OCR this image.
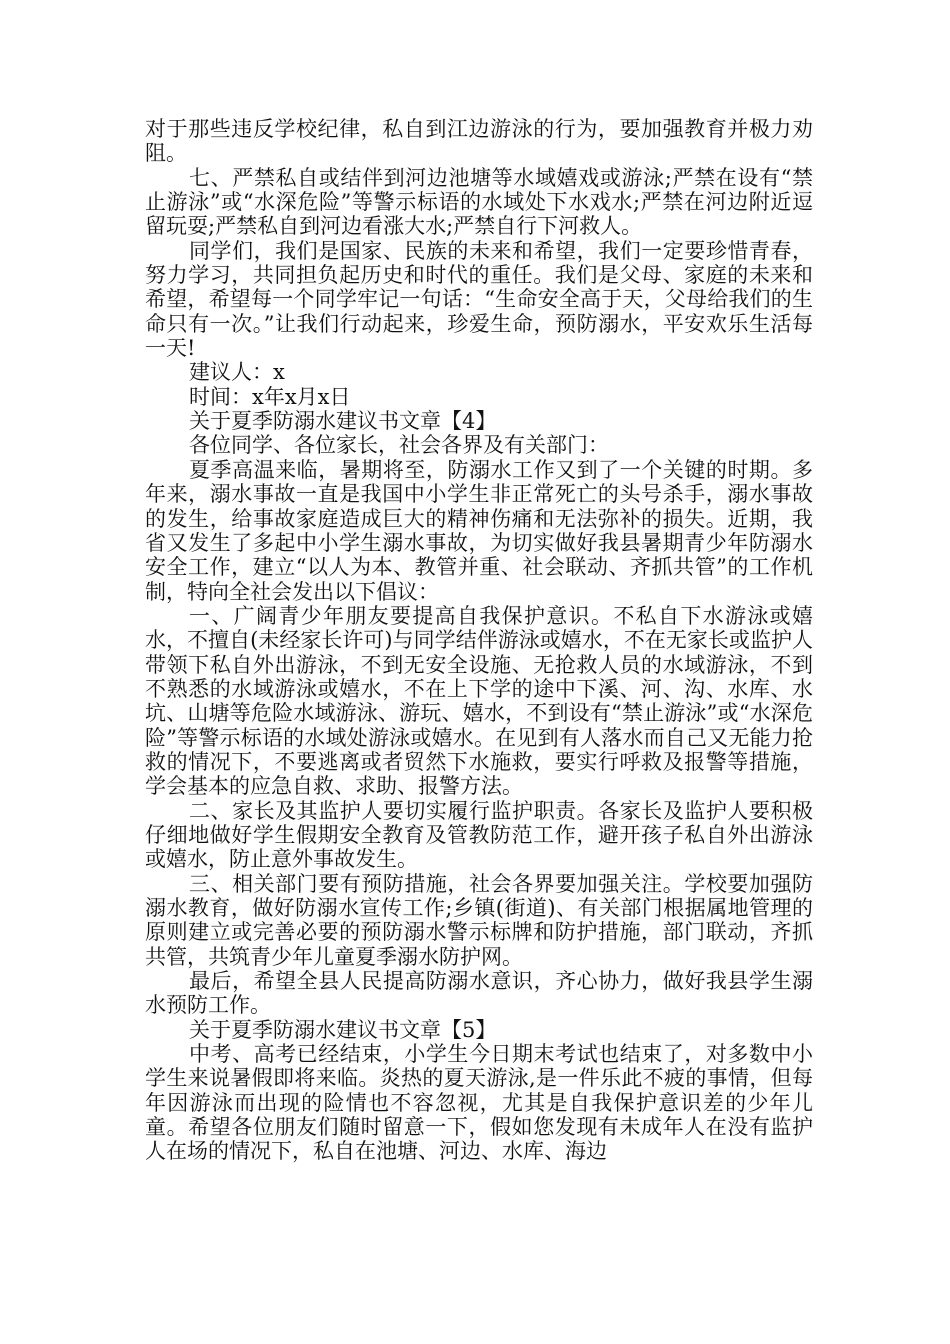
对于那些违反学校纪律，私自到江边游泳的行为，要加强教育并极力劝阻。

七、严禁私自或结伴到河边池塘等水域嬉戏或游泳;严禁在设有“禁止游泳”或“水深危险”等警示标语的水域处下水戏水;严禁在河边附近逗留玩耍;严禁私自到河边看涨大水;严禁自行下河救人。

同学们，我们是国家、民族的未来和希望，我们一定要珍惜青春，努力学习，共同担负起历史和时代的重任。我们是父母、家庭的未来和希望，希望每一个同学牢记一句话：“生命安全高于天，父母给我们的生命只有一次。”让我们行动起来，珍爱生命，预防溺水，平安欢乐生活每一天!

建议人：x

时间：x年x月x日

关于夏季防溺水建议书文章【4】

各位同学、各位家长，社会各界及有关部门：

夏季高温来临，暑期将至，防溺水工作又到了一个关键的时期。多年来，溺水事故一直是我国中小学生非正常死亡的头号杀手，溺水事故的发生，给事故家庭造成巨大的精神伤痛和无法弥补的损失。近期，我省又发生了多起中小学生溺水事故，为切实做好我县暑期青少年防溺水安全工作，建立“以人为本、教管并重、社会联动、齐抓共管”的工作机制，特向全社会发出以下倡议：

一、广阔青少年朋友要提高自我保护意识。不私自下水游泳或嬉水，不擅自(未经家长许可)与同学结伴游泳或嬉水，不在无家长或监护人带领下私自外出游泳，不到无安全设施、无抢救人员的水域游泳，不到不熟悉的水域游泳或嬉水，不在上下学的途中下溪、河、沟、水库、水坑、山塘等危险水域游泳、游玩、嬉水，不到设有“禁止游泳”或“水深危险”等警示标语的水域处游泳或嬉水。在见到有人落水而自己又无能力抢救的情况下，不要逃离或者贸然下水施救，要实行呼救及报警等措施，学会基本的应急自救、求助、报警方法。

二、家长及其监护人要切实履行监护职责。各家长及监护人要积极仔细地做好学生假期安全教育及管教防范工作，避开孩子私自外出游泳或嬉水，防止意外事故发生。

三、相关部门要有预防措施，社会各界要加强关注。学校要加强防溺水教育，做好防溺水宣传工作;乡镇(街道)、有关部门根据属地管理的原则建立或完善必要的预防溺水警示标牌和防护措施，部门联动，齐抓共管，共筑青少年儿童夏季溺水防护网。

最后，希望全县人民提高防溺水意识，齐心协力，做好我县学生溺水预防工作。

关于夏季防溺水建议书文章【5】

中考、高考已经结束，小学生今日期末考试也结束了，对多数中小学生来说暑假即将来临。炎热的夏天游泳,是一件乐此不疲的事情，但每年因游泳而出现的险情也不容忽视，尤其是自我保护意识差的少年儿童。希望各位朋友们随时留意一下，假如您发现有未成年人在没有监护人在场的情况下，私自在池塘、河边、水库、海边
